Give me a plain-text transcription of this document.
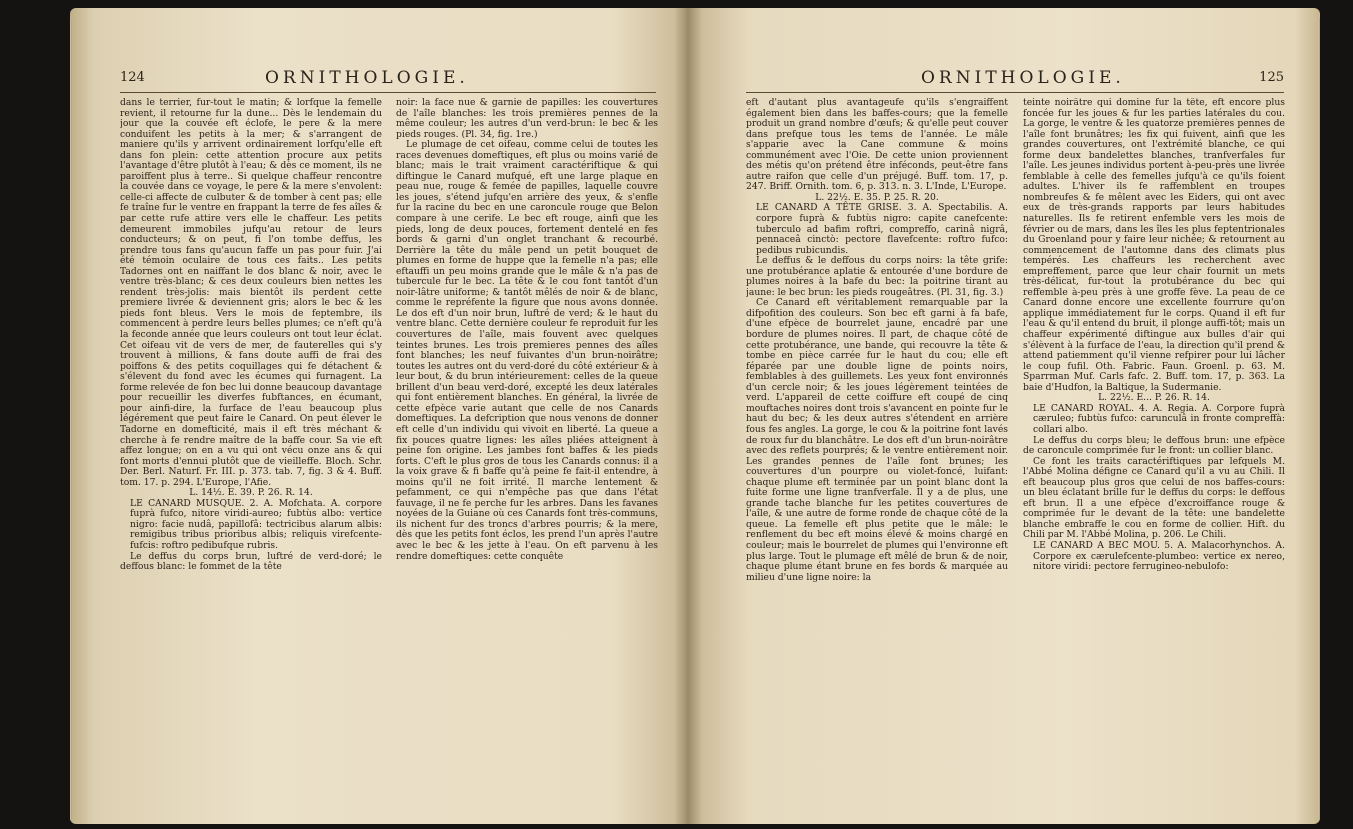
124	ORNITHOLOGIE.

dans le terrier, fur-tout le matin; & lorfque la femelle revient, il retourne fur la dune... Dès le lendemain du jour que la couvée eft éclofe, le pere & la mere conduifent les petits à la mer; & s'arrangent de maniere qu'ils y arrivent ordinairement lorfqu'elle eft dans fon plein: cette attention procure aux petits l'avantage d'être plutôt à l'eau; & dès ce moment, ils ne paroiffent plus à terre.. Si quelque chaffeur rencontre la couvée dans ce voyage, le pere & la mere s'envolent: celle-ci affecte de culbuter & de tomber à cent pas; elle fe traîne fur le ventre en frappant la terre de fes aîles & par cette rufe attire vers elle le chaffeur. Les petits demeurent immobiles jufqu'au retour de leurs conducteurs; & on peut, fi l'on tombe deffus, les prendre tous fans qu'aucun faffe un pas pour fuir. J'ai été témoin oculaire de tous ces faits.. Les petits Tadornes ont en naiffant le dos blanc & noir, avec le ventre très-blanc; & ces deux couleurs bien nettes les rendent très-jolis: mais bientôt ils perdent cette premiere livrée & deviennent gris; alors le bec & les pieds font bleus. Vers le mois de feptembre, ils commencent à perdre leurs belles plumes; ce n'eft qu'à la feconde année que leurs couleurs ont tout leur éclat. Cet oifeau vit de vers de mer, de fauterelles qui s'y trouvent à millions, & fans doute auffi de frai des poiffons & des petits coquillages qui fe détachent & s'élevent du fond avec les écumes qui furnagent. La forme relevée de fon bec lui donne beaucoup davantage pour recueillir les diverfes fubftances, en écumant, pour ainfi-dire, la furface de l'eau beaucoup plus légérement que peut faire le Canard. On peut élever le Tadorne en domefticité, mais il eft très méchant & cherche à fe rendre maître de la baffe cour. Sa vie eft affez longue; on en a vu qui ont vécu onze ans & qui font morts d'ennui plutôt que de vieilleffe. Bloch. Schr. Der. Berl. Naturf. Fr. III. p. 373. tab. 7, fig. 3 & 4. Buff. tom. 17. p. 294. L'Europe, l'Afie.

L. 14½. E. 39. P. 26. R. 14.

LE CANARD MUSQUE. 2. A. Mofchata. A. corpore fuprà fufco, nitore viridi-aureo; fubtùs albo: vertice nigro: facie nudâ, papillofâ: tectricibus alarum albis: remigibus tribus prioribus albis; reliquis virefcente-fufcis: roftro pedibufque rubris.

Le deffus du corps brun, luftré de verd-doré; le deffous blanc: le fommet de la tête

noir: la face nue & garnie de papilles: les couvertures de l'aîle blanches: les trois premières pennes de la même couleur; les autres d'un verd-brun: le bec & les pieds rouges. (Pl. 34, fig. 1re.)

Le plumage de cet oifeau, comme celui de toutes les races devenues domeftiques, eft plus ou moins varié de blanc; mais le trait vraiment caractériftique & qui diftingue le Canard mufqué, eft une large plaque en peau nue, rouge & femée de papilles, laquelle couvre les joues, s'étend jufqu'en arrière des yeux, & s'enfle fur la racine du bec en une caroncule rouge que Belon compare à une cerife. Le bec eft rouge, ainfi que les pieds, long de deux pouces, fortement dentelé en fes bords & garni d'un onglet tranchant & recourbé. Derrière la tête du mâle pend un petit bouquet de plumes en forme de huppe que la femelle n'a pas; elle eftauffi un peu moins grande que le mâle & n'a pas de tubercule fur le bec. La tête & le cou font tantôt d'un noir-lâtre uniforme; & tantôt mêlés de noir & de blanc, comme le repréfente la figure que nous avons donnée. Le dos eft d'un noir brun, luftré de verd; & le haut du ventre blanc. Cette dernière couleur fe reproduit fur les couvertures de l'aîle, mais fouvent avec quelques teintes brunes. Les trois premieres pennes des aîles font blanches; les neuf fuivantes d'un brun-noirâtre; toutes les autres ont du verd-doré du côté extérieur & à leur bout, & du brun intérieurement: celles de la queue brillent d'un beau verd-doré, excepté les deux latérales qui font entièrement blanches. En général, la livrée de cette efpèce varie autant que celle de nos Canards domeftiques. La defcription que nous venons de donner eft celle d'un individu qui vivoit en liberté. La queue a fix pouces quatre lignes: les aîles pliées atteignent à peine fon origine. Les jambes font baffes & les pieds forts. C'eft le plus gros de tous les Canards connus: il a la voix grave & fi baffe qu'à peine fe fait-il entendre, à moins qu'il ne foit irrité. Il marche lentement & pefamment, ce qui n'empêche pas que dans l'état fauvage, il ne fe perche fur les arbres. Dans les favanes noyées de la Guiane où ces Canards font très-communs, ils nichent fur des troncs d'arbres pourris; & la mere, dès que les petits font éclos, les prend l'un après l'autre avec le bec & les jette à l'eau. On eft parvenu à les rendre domeftiques: cette conquête

ORNITHOLOGIE.	125

eft d'autant plus avantageufe qu'ils s'engraiffent également bien dans les baffes-cours; que la femelle produit un grand nombre d'œufs; & qu'elle peut couver dans prefque tous les tems de l'année. Le mâle s'apparie avec la Cane commune & moins communément avec l'Oie. De cette union proviennent des métis qu'on prétend être inféconds, peut-être fans autre raifon que celle d'un préjugé. Buff. tom. 17, p. 247. Briff. Ornith. tom. 6, p. 313. n. 3. L'Inde, L'Europe.

L. 22½. E. 35. P. 25. R. 20.

LE CANARD A TÊTE GRISE. 3. A. Spectabilis. A. corpore fuprà & fubtùs nigro: capite canefcente: tuberculo ad bafim roftri, compreffo, carinâ nigrâ, pennaceâ cinctò: pectore flavefcente: roftro fufco: pedibus rubicundis.

Le deffus & le deffous du corps noirs: la tête grife: une protubérance aplatie & entourée d'une bordure de plumes noires à la bafe du bec: la poitrine tirant au jaune: le bec brun: les pieds rougeâtres. (Pl. 31, fig. 3.)

Ce Canard eft véritablement remarquable par la difpofition des couleurs. Son bec eft garni à fa bafe, d'une efpèce de bourrelet jaune, encadré par une bordure de plumes noires. Il part, de chaque côté de cette protubérance, une bande, qui recouvre la tête & tombe en pièce carrée fur le haut du cou; elle eft féparée par une double ligne de points noirs, femblables à des guillemets. Les yeux font environnés d'un cercle noir; & les joues légèrement teintées de verd. L'appareil de cette coiffure eft coupé de cinq mouftaches noires dont trois s'avancent en pointe fur le haut du bec; & les deux autres s'étendent en arrière fous fes angles. La gorge, le cou & la poitrine font lavés de roux fur du blanchâtre. Le dos eft d'un brun-noirâtre avec des reflets pourprés; & le ventre entièrement noir. Les grandes pennes de l'aîle font brunes; les couvertures d'un pourpre ou violet-foncé, luifant: chaque plume eft terminée par un point blanc dont la fuite forme une ligne tranfverfale. Il y a de plus, une grande tache blanche fur les petites couvertures de l'aîle, & une autre de forme ronde de chaque côté de la queue. La femelle eft plus petite que le mâle: le renflement du bec eft moins élevé & moins chargé en couleur; mais le bourrelet de plumes qui l'environne eft plus large. Tout le plumage eft mêlé de brun & de noir, chaque plume étant brune en fes bords & marquée au milieu d'une ligne noire: la

teinte noirâtre qui domine fur la tête, eft encore plus foncée fur les joues & fur les parties latérales du cou. La gorge, le ventre & les quatorze premières pennes de l'aîle font brunâtres; les fix qui fuivent, ainfi que les grandes couvertures, ont l'extrémité blanche, ce qui forme deux bandelettes blanches, tranfverfales fur l'aîle. Les jeunes individus portent à-peu-près une livrée femblable à celle des femelles jufqu'à ce qu'ils foient adultes. L'hiver ils fe raffemblent en troupes nombreufes & fe mêlent avec les Eiders, qui ont avec eux de très-grands rapports par leurs habitudes naturelles. Ils fe retirent enfemble vers les mois de février ou de mars, dans les îles les plus feptentrionales du Groenland pour y faire leur nichée; & retournent au commencement de l'automne dans des climats plus tempérés. Les chaffeurs les recherchent avec empreffement, parce que leur chair fournit un mets très-délicat, fur-tout la protubérance du bec qui reffemble à-peu près à une groffe fève. La peau de ce Canard donne encore une excellente fourrure qu'on applique immédiatement fur le corps. Quand il eft fur l'eau & qu'il entend du bruit, il plonge auffi-tôt; mais un chaffeur expérimenté diftingue aux bulles d'air qui s'élèvent à la furface de l'eau, la direction qu'il prend & attend patiemment qu'il vienne refpirer pour lui lâcher le coup fufil. Oth. Fabric. Faun. Groenl. p. 63. M. Sparrman Muf. Carls fafc. 2. Buff. tom. 17, p. 363. La baie d'Hudfon, la Baltique, la Sudermanie.

L. 22½. E... P. 26. R. 14.

LE CANARD ROYAL. 4. A. Regia. A. Corpore fuprà cæruleo; fubtùs fufco: carunculâ in fronte compreffà: collari albo.

Le deffus du corps bleu; le deffous brun: une efpèce de caroncule comprimée fur le front: un collier blanc.

Ce font les traits caractériftiques par lefquels M. l'Abbé Molina défigne ce Canard qu'il a vu au Chili. Il eft beaucoup plus gros que celui de nos baffes-cours: un bleu éclatant brille fur le deffus du corps: le deffous eft brun. Il a une efpèce d'excroiffance rouge & comprimée fur le devant de la tête: une bandelette blanche embraffe le cou en forme de collier. Hift. du Chili par M. l'Abbé Molina, p. 206. Le Chili.

LE CANARD A BEC MOU. 5. A. Malacorhynchos. A. Corpore ex cærulefcente-plumbeo: vertice ex nereo, nitore viridi: pectore ferrugineo-nebulofo:
